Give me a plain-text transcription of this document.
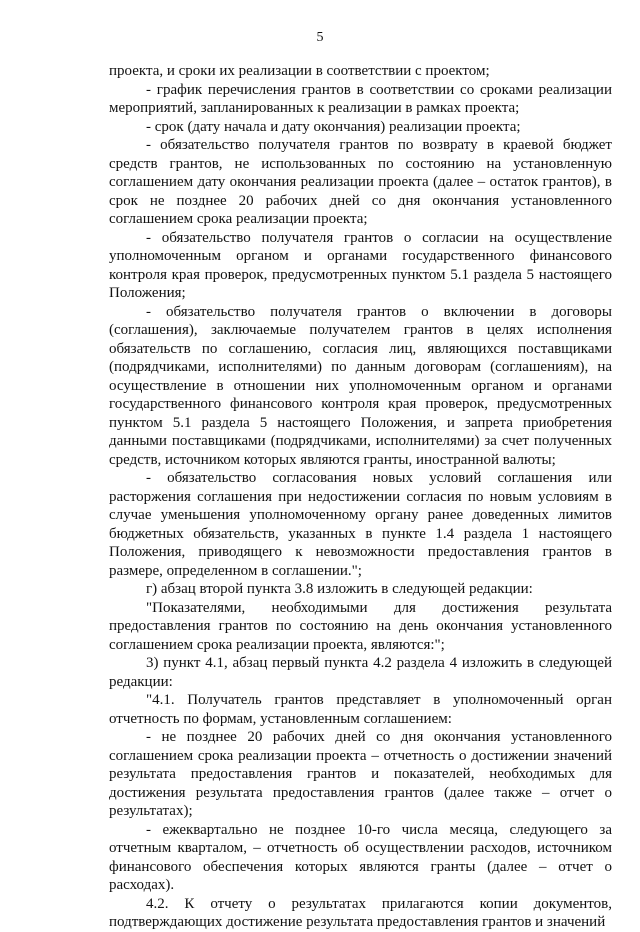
5

проекта, и сроки их реализации в соответствии с проектом;

- график перечисления грантов в соответствии со сроками реализации мероприятий, запланированных к реализации в рамках проекта;

- срок (дату начала и дату окончания) реализации проекта;

- обязательство получателя грантов по возврату в краевой бюджет средств грантов, не использованных по состоянию на установленную соглашением дату окончания реализации проекта (далее – остаток грантов), в срок не позднее 20 рабочих дней со дня окончания установленного соглашением срока реализации проекта;

- обязательство получателя грантов о согласии на осуществление уполномоченным органом и органами государственного финансового контроля края проверок, предусмотренных пунктом 5.1 раздела 5 настоящего Положения;

- обязательство получателя грантов о включении в договоры (соглашения), заключаемые получателем грантов в целях исполнения обязательств по соглашению, согласия лиц, являющихся поставщиками (подрядчиками, исполнителями) по данным договорам (соглашениям), на осуществление в отношении них уполномоченным органом и органами государственного финансового контроля края проверок, предусмотренных пунктом 5.1 раздела 5 настоящего Положения, и запрета приобретения данными поставщиками (подрядчиками, исполнителями) за счет полученных средств, источником которых являются гранты, иностранной валюты;

- обязательство согласования новых условий соглашения или расторжения соглашения при недостижении согласия по новым условиям в случае уменьшения уполномоченному органу ранее доведенных лимитов бюджетных обязательств, указанных в пункте 1.4 раздела 1 настоящего Положения, приводящего к невозможности предоставления грантов в размере, определенном в соглашении.";

г) абзац второй пункта 3.8 изложить в следующей редакции:

"Показателями, необходимыми для достижения результата предоставления грантов по состоянию на день окончания установленного соглашением срока реализации проекта, являются:";

3) пункт 4.1, абзац первый пункта 4.2 раздела 4 изложить в следующей редакции:

"4.1. Получатель грантов представляет в уполномоченный орган отчетность по формам, установленным соглашением:

- не позднее 20 рабочих дней со дня окончания установленного соглашением срока реализации проекта – отчетность о достижении значений результата предоставления грантов и показателей, необходимых для достижения результата предоставления грантов (далее также – отчет о результатах);

- ежеквартально не позднее 10-го числа месяца, следующего за отчетным кварталом, – отчетность об осуществлении расходов, источником финансового обеспечения которых являются гранты (далее – отчет о расходах).

4.2. К отчету о результатах прилагаются копии документов, подтверждающих достижение результата предоставления грантов и значений
